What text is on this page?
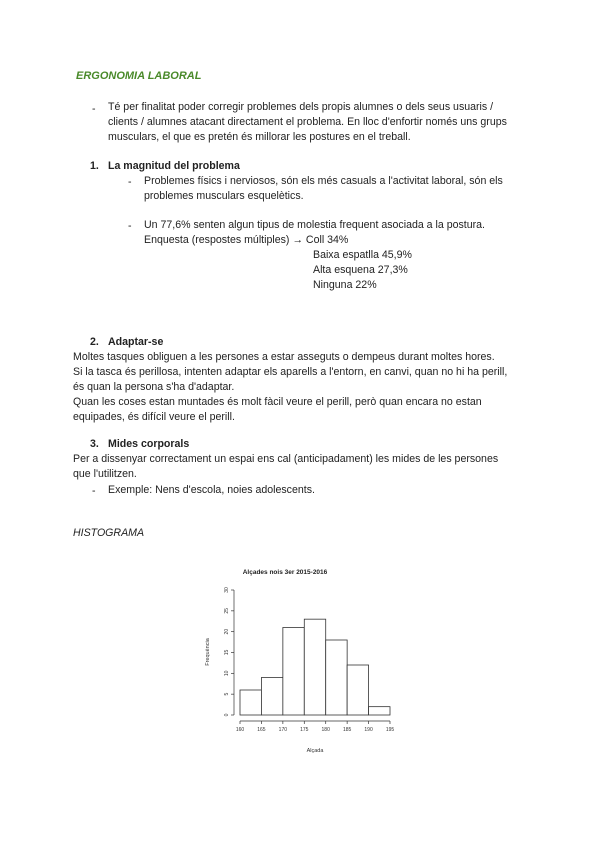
ERGONOMIA LABORAL
- Té per finalitat poder corregir problemes dels propis alumnes o dels seus usuaris /
clients / alumnes atacant directament el problema. En lloc d'enfortir només uns grups
musculars, el que es pretén és millorar les postures en el treball.
1. La magnitud del problema
- Problemes físics i nerviosos, són els més casuals a l'activitat laboral, són els
problemes musculars esquelètics.
- Un 77,6% senten algun tipus de molestia frequent asociada a la postura.
Enquesta (respostes múltiples) → Coll 34%
Baixa espatlla 45,9%
Alta esquena 27,3%
Ninguna 22%
2. Adaptar-se
Moltes tasques obliguen a les persones a estar asseguts o dempeus durant moltes hores.
Si la tasca és perillosa, intenten adaptar els aparells a l'entorn, en canvi, quan no hi ha perill,
és quan la persona s'ha d'adaptar.
Quan les coses estan muntades és molt fàcil veure el perill, però quan encara no estan
equipades, és difícil veure el perill.
3. Mides corporals
Per a dissenyar correctament un espai ens cal (anticipadament) les mides de les persones
que l'utilitzen.
- Exemple: Nens d'escola, noies adolescents.
HISTOGRAMA
Alçades nois 3er 2015-2016
160	165	170	175	180	185	190	195
0
5
10
15
20
25
30
Alçada
Frequència
